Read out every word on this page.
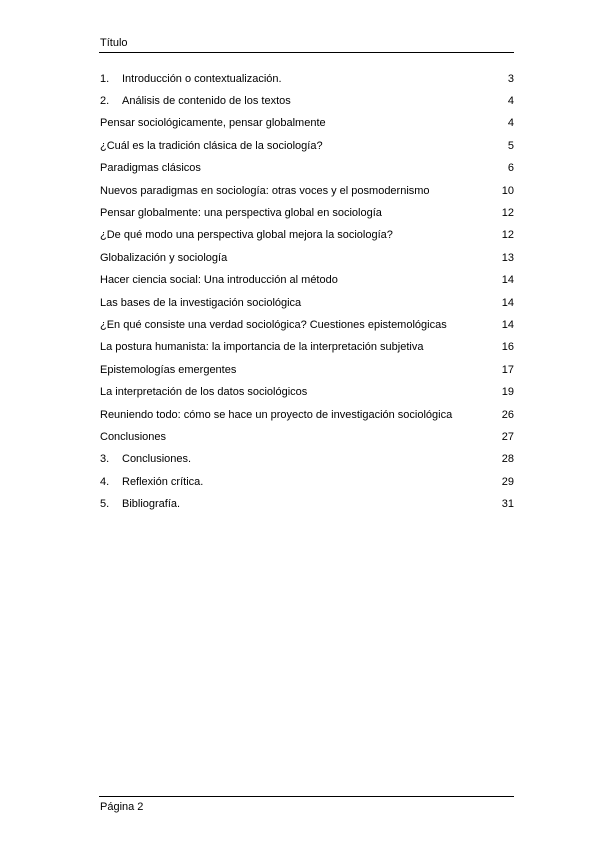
Título
1.	Introducción o contextualización.	3
2.	Análisis de contenido de los textos	4
Pensar sociológicamente, pensar globalmente	4
¿Cuál es la tradición clásica de la sociología?	5
Paradigmas clásicos	6
Nuevos paradigmas en sociología: otras voces y el posmodernismo	10
Pensar globalmente: una perspectiva global en sociología	12
¿De qué modo una perspectiva global mejora la sociología?	12
Globalización y sociología	13
Hacer ciencia social: Una introducción al método	14
Las bases de la investigación sociológica	14
¿En qué consiste una verdad sociológica? Cuestiones epistemológicas	14
La postura humanista: la importancia de la interpretación subjetiva	16
Epistemologías emergentes	17
La interpretación de los datos sociológicos	19
Reuniendo todo: cómo se hace un proyecto de investigación sociológica	26
Conclusiones	27
3.	Conclusiones.	28
4.	Reflexión crítica.	29
5.	Bibliografía.	31
Página 2
